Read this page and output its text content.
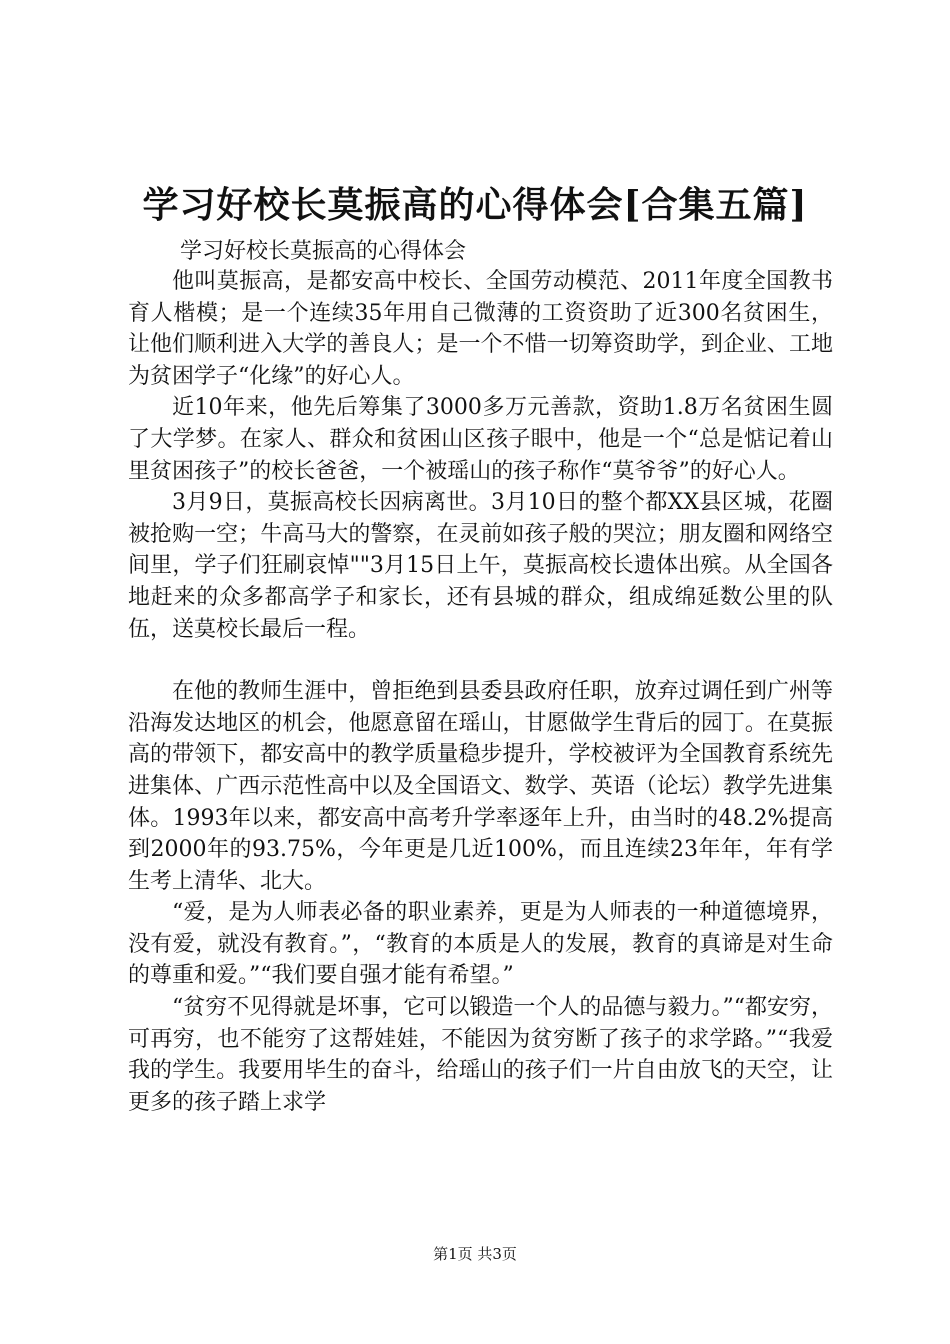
学习好校长莫振高的心得体会[合集五篇]
学习好校长莫振高的心得体会

他叫莫振高，是都安高中校长、全国劳动模范、2011年度全国教书育人楷模；是一个连续35年用自己微薄的工资资助了近300名贫困生，让他们顺利进入大学的善良人；是一个不惜一切筹资助学，到企业、工地为贫困学子“化缘”的好心人。

近10年来，他先后筹集了3000多万元善款，资助1.8万名贫困生圆了大学梦。在家人、群众和贫困山区孩子眼中，他是一个“总是惦记着山里贫困孩子”的校长爸爸，一个被瑶山的孩子称作“莫爷爷”的好心人。

3月9日，莫振高校长因病离世。3月10日的整个都XX县区城，花圈被抢购一空；牛高马大的警察，在灵前如孩子般的哭泣；朋友圈和网络空间里，学子们狂刷哀悼""3月15日上午，莫振高校长遗体出殡。从全国各地赶来的众多都高学子和家长，还有县城的群众，组成绵延数公里的队伍，送莫校长最后一程。

在他的教师生涯中，曾拒绝到县委县政府任职，放弃过调任到广州等沿海发达地区的机会，他愿意留在瑶山，甘愿做学生背后的园丁。在莫振高的带领下，都安高中的教学质量稳步提升，学校被评为全国教育系统先进集体、广西示范性高中以及全国语文、数学、英语（论坛）教学先进集体。1993年以来，都安高中高考升学率逐年上升，由当时的48.2%提高到2000年的93.75%，今年更是几近100%，而且连续23年年，年有学生考上清华、北大。

“爱，是为人师表必备的职业素养，更是为人师表的一种道德境界，没有爱，就没有教育。”，“教育的本质是人的发展，教育的真谛是对生命的尊重和爱。”“我们要自强才能有希望。”

“贫穷不见得就是坏事，它可以锻造一个人的品德与毅力。”“都安穷，可再穷，也不能穷了这帮娃娃，不能因为贫穷断了孩子的求学路。”“我爱我的学生。我要用毕生的奋斗，给瑶山的孩子们一片自由放飞的天空，让更多的孩子踏上求学

第1页 共3页
